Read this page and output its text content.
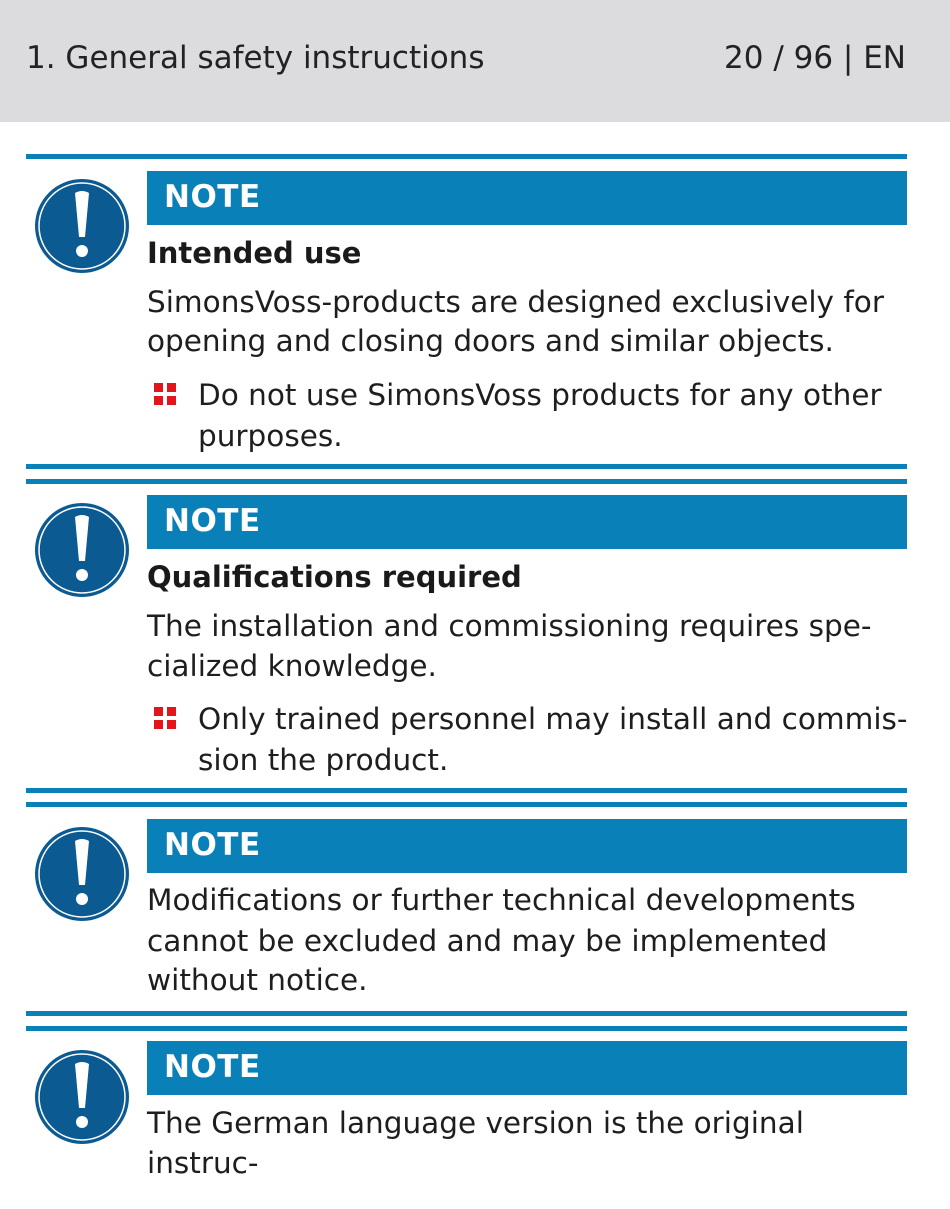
1. General safety instructions	20 / 96 | EN
NOTE
Intended use
SimonsVoss-products are designed exclusively for
opening and closing doors and similar objects.
Do not use SimonsVoss products for any other
purposes.
NOTE
Qualifications required
The installation and commissioning requires spe-
cialized knowledge.
Only trained personnel may install and commis-
sion the product.
NOTE
Modifications or further technical developments
cannot be excluded and may be implemented
without notice.
NOTE
The German language version is the original instruc-
